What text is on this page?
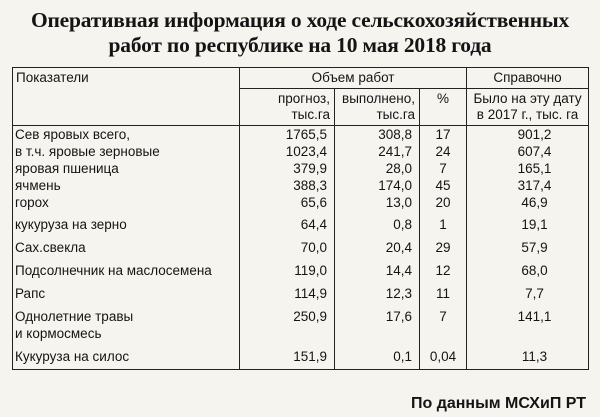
Оперативная информация о ходе сельскохозяйственных
работ по республике на 10 мая 2018 года
Показатели	Объем работ			Справочно
	прогноз, тыс.га	выполнено, тыс.га	%	Было на эту дату в 2017 г., тыс. га
Сев яровых всего,	1765,5	308,8	17	901,2
в т.ч. яровые зерновые	1023,4	241,7	24	607,4
яровая пшеница	379,9	28,0	7	165,1
ячмень	388,3	174,0	45	317,4
горох	65,6	13,0	20	46,9
кукуруза на зерно	64,4	0,8	1	19,1
Сах.свекла	70,0	20,4	29	57,9
Подсолнечник на маслосемена	119,0	14,4	12	68,0
Рапс	114,9	12,3	11	7,7

Однолетние травы
и кормосмесь	250,9	17,6	7	141,1
Кукуруза на силос	151,9	0,1	0,04	11,3
По данным МСХиП РТ
